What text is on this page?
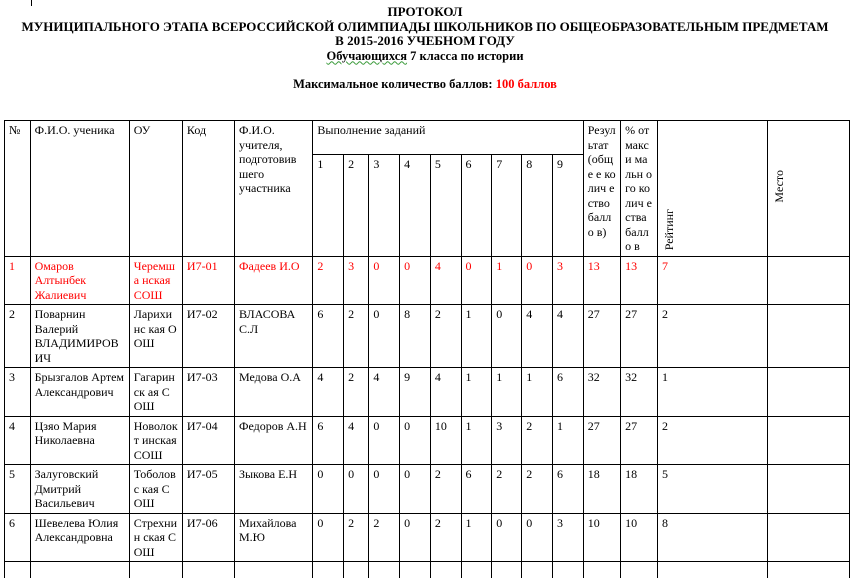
ПРОТОКОЛ
МУНИЦИПАЛЬНОГО ЭТАПА ВСЕРОССИЙСКОЙ ОЛИМПИАДЫ ШКОЛЬНИКОВ ПО ОБЩЕОБРАЗОВАТЕЛЬНЫМ ПРЕДМЕТАМ
В 2015-2016 УЧЕБНОМ ГОДУ
Обучающихся 7 класса по истории
Максимальное количество баллов: 100 баллов
№	Ф.И.О. ученика	ОУ	Код	Ф.И.О. учителя, подготовив шего участника	Выполнение заданий									Резул ьтат (обще е колич ество балло в)	% от макси мальн ого колич ества балло в	Рейтинг	Место
					1	2	3	4	5	6	7	8	9				
1	Омаров Алтынбек Жалиевич	Черемша нская СОШ	И7-01	Фадеев И.О	2	3	0	0	4	0	1	0	3	13	13	7	
2	Поварнин Валерий ВЛАДИМИРОВ ИЧ	Ларихинс кая ООШ	И7-02	ВЛАСОВА С.Л	6	2	0	8	2	1	0	4	4	27	27	2	
3	Брызгалов Артем Александрович	Гагаринск ая СОШ	И7-03	Медова О.А	4	2	4	9	4	1	1	1	6	32	32	1	
4	Цзяо Мария Николаевна	Новолокт инская СОШ	И7-04	Федоров А.Н	6	4	0	0	10	1	3	2	1	27	27	2	
5	Залуговский Дмитрий Васильевич	Тоболовс кая СОШ	И7-05	Зыкова Е.Н	0	0	0	0	2	6	2	2	6	18	18	5	
6	Шевелева Юлия Александровна	Стрехнин ская СОШ	И7-06	Михайлова М.Ю	0	2	2	0	2	1	0	0	3	10	10	8	
